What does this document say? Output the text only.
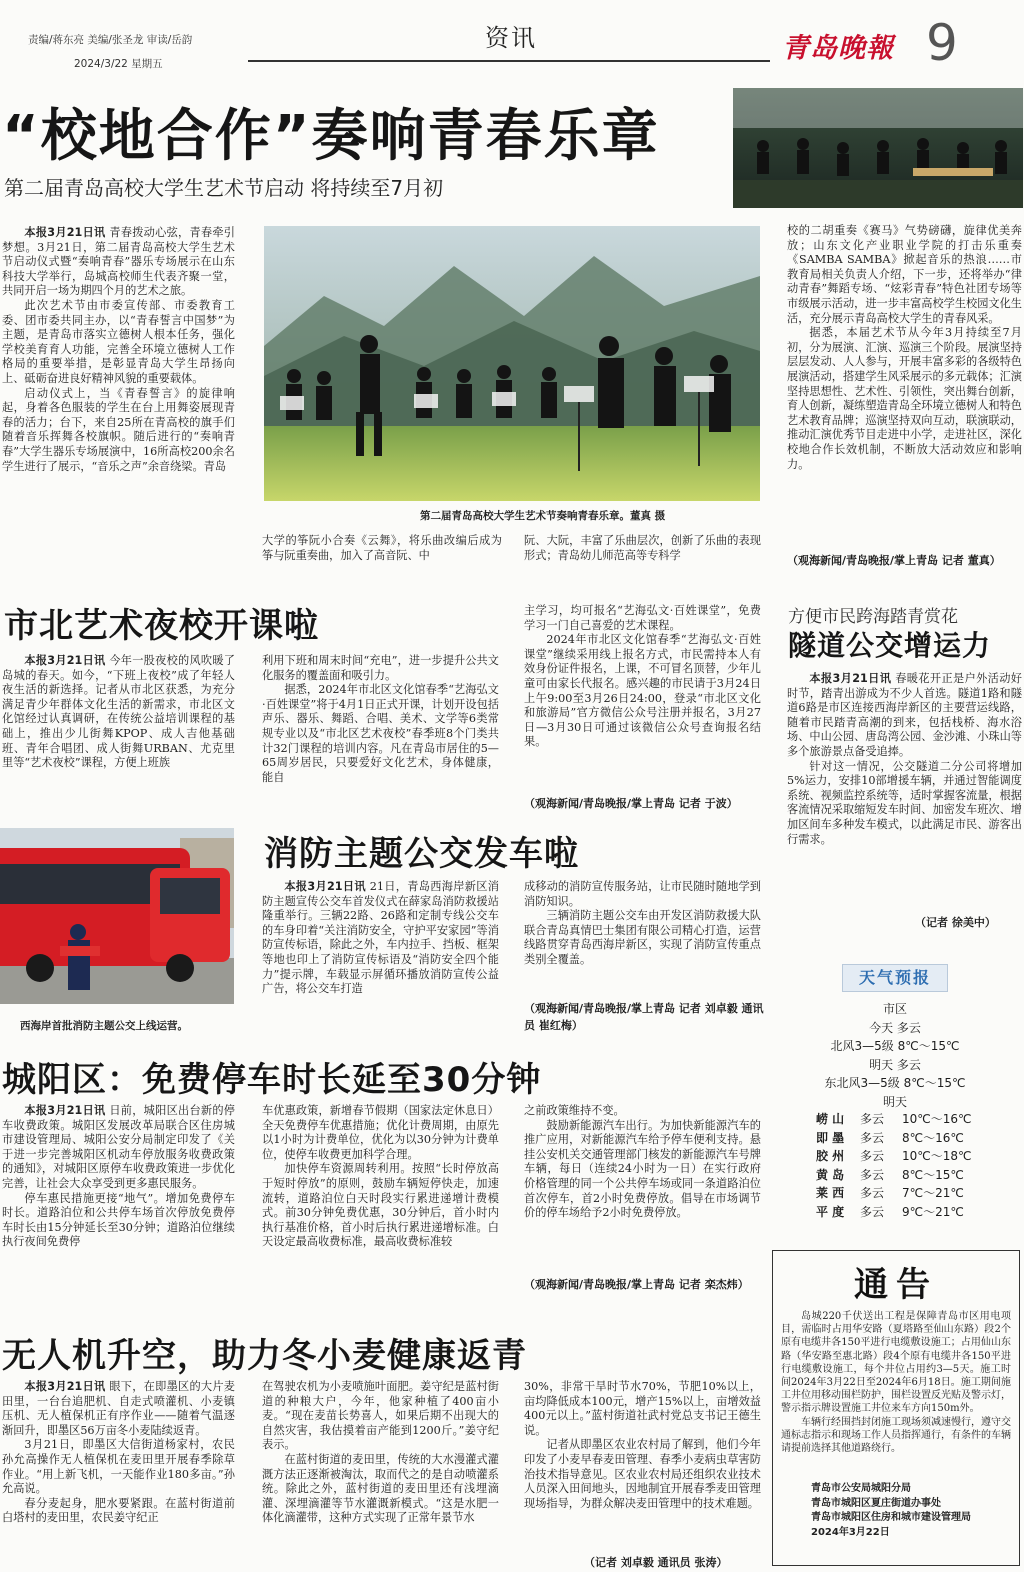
责编/蒋东亮 美编/张圣龙 审读/岳韵
2024/3/22 星期五
资讯	青岛晚報 9
“校地合作”奏响青春乐章
第二届青岛高校大学生艺术节启动 将持续至7月初

本报3月21日讯 青春拨动心弦，青春牵引梦想。3月21日，第二届青岛高校大学生艺术节启动仪式暨“奏响青春”器乐专场展示在山东科技大学举行，岛城高校师生代表齐聚一堂，共同开启一场为期四个月的艺术之旅。

此次艺术节由市委宣传部、市委教育工委、团市委共同主办，以“青春誓言中国梦”为主题，是青岛市落实立德树人根本任务，强化学校美育育人功能，完善全环境立德树人工作格局的重要举措，是彰显青岛大学生昂扬向上、砥砺奋进良好精神风貌的重要载体。

启动仪式上，当《青春誓言》的旋律响起，身着各色服装的学生在台上用舞姿展现青春的活力；台下，来自25所在青高校的旗手们随着音乐挥舞各校旗帜。随后进行的“奏响青春”大学生器乐专场展演中，16所高校200余名学生进行了展示，“音乐之声”余音绕梁。青岛

第二届青岛高校大学生艺术节奏响青春乐章。董真 摄

大学的筝阮小合奏《云舞》，将乐曲改编后成为筝与阮重奏曲，加入了高音阮、中

阮、大阮，丰富了乐曲层次，创新了乐曲的表现形式；青岛幼儿师范高等专科学

校的二胡重奏《赛马》气势磅礴，旋律优美奔放；山东文化产业职业学院的打击乐重奏《SAMBA SAMBA》掀起音乐的热浪……市教育局相关负责人介绍，下一步，还将举办“律动青春”舞蹈专场、“炫彩青春”特色社团专场等市级展示活动，进一步丰富高校学生校园文化生活，充分展示青岛高校大学生的青春风采。

据悉，本届艺术节从今年3月持续至7月初，分为展演、汇演、巡演三个阶段。展演坚持层层发动、人人参与，开展丰富多彩的各级特色展演活动，搭建学生风采展示的多元载体；汇演坚持思想性、艺术性、引领性，突出舞台创新，育人创新，凝练塑造青岛全环境立德树人和特色艺术教育品牌；巡演坚持双向互动，联演联动，推动汇演优秀节目走进中小学，走进社区，深化校地合作长效机制，不断放大活动效应和影响力。

（观海新闻/青岛晚报/掌上青岛 记者 董真）
市北艺术夜校开课啦

本报3月21日讯 今年一股夜校的风吹暖了岛城的春天。如今，“下班上夜校”成了年轻人夜生活的新选择。记者从市北区获悉，为充分满足青少年群体文化生活的新需求，市北区文化馆经过认真调研，在传统公益培训课程的基础上，推出少儿街舞KPOP、成人吉他基础班、青年合唱团、成人街舞URBAN、尤克里里等“艺术夜校”课程，方便上班族

利用下班和周末时间“充电”，进一步提升公共文化服务的覆盖面和吸引力。

据悉，2024年市北区文化馆春季“艺海弘文·百姓课堂”将于4月1日正式开课，计划开设包括声乐、器乐、舞蹈、合唱、美术、文学等6类常规专业以及“市北区艺术夜校”春季班8个门类共计32门课程的培训内容。凡在青岛市居住的5—65周岁居民，只要爱好文化艺术，身体健康，能自

主学习，均可报名“艺海弘文·百姓课堂”，免费学习一门自己喜爱的艺术课程。

2024年市北区文化馆春季“艺海弘文·百姓课堂”继续采用线上报名方式，市民需持本人有效身份证件报名，上课，不可冒名顶替，少年儿童可由家长代报名。感兴趣的市民请于3月24日上午9:00至3月26日24:00，登录“市北区文化和旅游局”官方微信公众号注册并报名，3月27日—3月30日可通过该微信公众号查询报名结果。

（观海新闻/青岛晚报/掌上青岛 记者 于波）
方便市民跨海踏青赏花
隧道公交增运力

本报3月21日讯 春暖花开正是户外活动好时节，踏青出游成为不少人首选。隧道1路和隧道6路是市区连接西海岸新区的主要营运线路，随着市民踏青高潮的到来，包括栈桥、海水浴场、中山公园、唐岛湾公园、金沙滩、小珠山等多个旅游景点备受追捧。

针对这一情况，公交隧道二分公司将增加5%运力，安排10部增援车辆，并通过智能调度系统、视频监控系统等，适时掌握客流量，根据客流情况采取缩短发车时间、加密发车班次、增加区间车多种发车模式，以此满足市民、游客出行需求。

（记者 徐美中）
西海岸首批消防主题公交上线运营。
消防主题公交发车啦

本报3月21日讯 21日，青岛西海岸新区消防主题宣传公交车首发仪式在薛家岛消防救援站隆重举行。三辆22路、26路和定制专线公交车的车身印着“关注消防安全，守护平安家园”等消防宣传标语，除此之外，车内拉手、挡板、框架等地也印上了消防宣传标语及“消防安全四个能力”提示牌，车载显示屏循环播放消防宣传公益广告，将公交车打造

成移动的消防宣传服务站，让市民随时随地学到消防知识。

三辆消防主题公交车由开发区消防救援大队联合青岛真情巴士集团有限公司精心打造，运营线路贯穿青岛西海岸新区，实现了消防宣传重点类别全覆盖。

（观海新闻/青岛晚报/掌上青岛 记者 刘卓毅 通讯员 崔红梅）
天气预报
市区
今天 多云
北风3—5级 8℃～15℃
明天 多云
东北风3—5级 8℃～15℃
明天
崂 山 多云 10℃～16℃
即 墨 多云 8℃～16℃
胶 州 多云 10℃～18℃
黄 岛 多云 8℃～15℃
莱 西 多云 7℃～21℃
平 度 多云 9℃～21℃
城阳区：免费停车时长延至30分钟

本报3月21日讯 日前，城阳区出台新的停车收费政策。城阳区发展改革局联合区住房城市建设管理局、城阳公安分局制定印发了《关于进一步完善城阳区机动车停放服务收费政策的通知》，对城阳区原停车收费政策进一步优化完善，让社会大众享受到更多惠民服务。

停车惠民措施更接“地气”。增加免费停车时长。道路泊位和公共停车场首次停放免费停车时长由15分钟延长至30分钟；道路泊位继续执行夜间免费停

车优惠政策，新增春节假期（国家法定休息日）全天免费停车优惠措施；优化计费周期，由原先以1小时为计费单位，优化为以30分钟为计费单位，使停车收费更加科学合理。

加快停车资源周转利用。按照“长时停放高于短时停放”的原则，鼓励车辆短停快走，加速流转，道路泊位白天时段实行累进递增计费模式。前30分钟免费优惠，30分钟后，首小时内执行基准价格，首小时后执行累进递增标准。白天设定最高收费标准，最高收费标准较

之前政策维持不变。

鼓励新能源汽车出行。为加快新能源汽车的推广应用，对新能源汽车给予停车便利支持。悬挂公安机关交通管理部门核发的新能源汽车号牌车辆，每日（连续24小时为一日）在实行政府价格管理的同一个公共停车场或同一条道路泊位首次停车，首2小时免费停放。倡导在市场调节价的停车场给予2小时免费停放。

（观海新闻/青岛晚报/掌上青岛 记者 栾杰炜）	通告

岛城220千伏送出工程是保障青岛市区用电项目，需临时占用华安路（夏塔路至仙山东路）段2个原有电缆井各150平进行电缆敷设施工；占用仙山东路（华安路至惠北路）段4个原有电缆井各150平进行电缆敷设施工，每个井位占用约3—5天。施工时间2024年3月22日至2024年6月18日。施工期间施工井位用移动围栏防护，围栏设置反光贴及警示灯，警示指示牌设置施工井位来车方向150m外。

车辆行经围挡封闭施工现场须减速慢行，遵守交通标志指示和现场工作人员指挥通行，有条件的车辆请提前选择其他道路绕行。

青岛市公安局城阳分局
青岛市城阳区夏庄街道办事处
青岛市城阳区住房和城市建设管理局
2024年3月22日
无人机升空，助力冬小麦健康返青

本报3月21日讯 眼下，在即墨区的大片麦田里，一台台追肥机、自走式喷灌机、小麦镇压机、无人植保机正有序作业——随着气温逐渐回升，即墨区56万亩冬小麦陆续返青。

3月21日，即墨区大信街道杨家村，农民孙允高操作无人植保机在麦田里开展春季除草作业。“用上新飞机，一天能作业180多亩。”孙允高说。

春分麦起身，肥水要紧跟。在蓝村街道前白塔村的麦田里，农民姜守纪正

在驾驶农机为小麦喷施叶面肥。姜守纪是蓝村街道的种粮大户，今年，他家种植了400亩小麦。“现在麦苗长势喜人，如果后期不出现大的自然灾害，我估摸着亩产能到1200斤。”姜守纪表示。

在蓝村街道的麦田里，传统的大水漫灌式灌溉方法正逐渐被淘汰，取而代之的是自动喷灌系统。除此之外，蓝村街道的麦田里还有浅埋滴灌、深埋滴灌等节水灌溉新模式。“这是水肥一体化滴灌带，这种方式实现了正常年景节水

30%，非常干旱时节水70%，节肥10%以上，亩均降低成本100元，增产15%以上，亩增效益400元以上。”蓝村街道社武村党总支书记王德生说。

记者从即墨区农业农村局了解到，他们今年印发了小麦早春麦田管理、春季小麦病虫草害防治技术指导意见。区农业农村局还组织农业技术人员深入田间地头，因地制宜开展春季麦田管理现场指导，为群众解决麦田管理中的技术难题。

（记者 刘卓毅 通讯员 张涛）
